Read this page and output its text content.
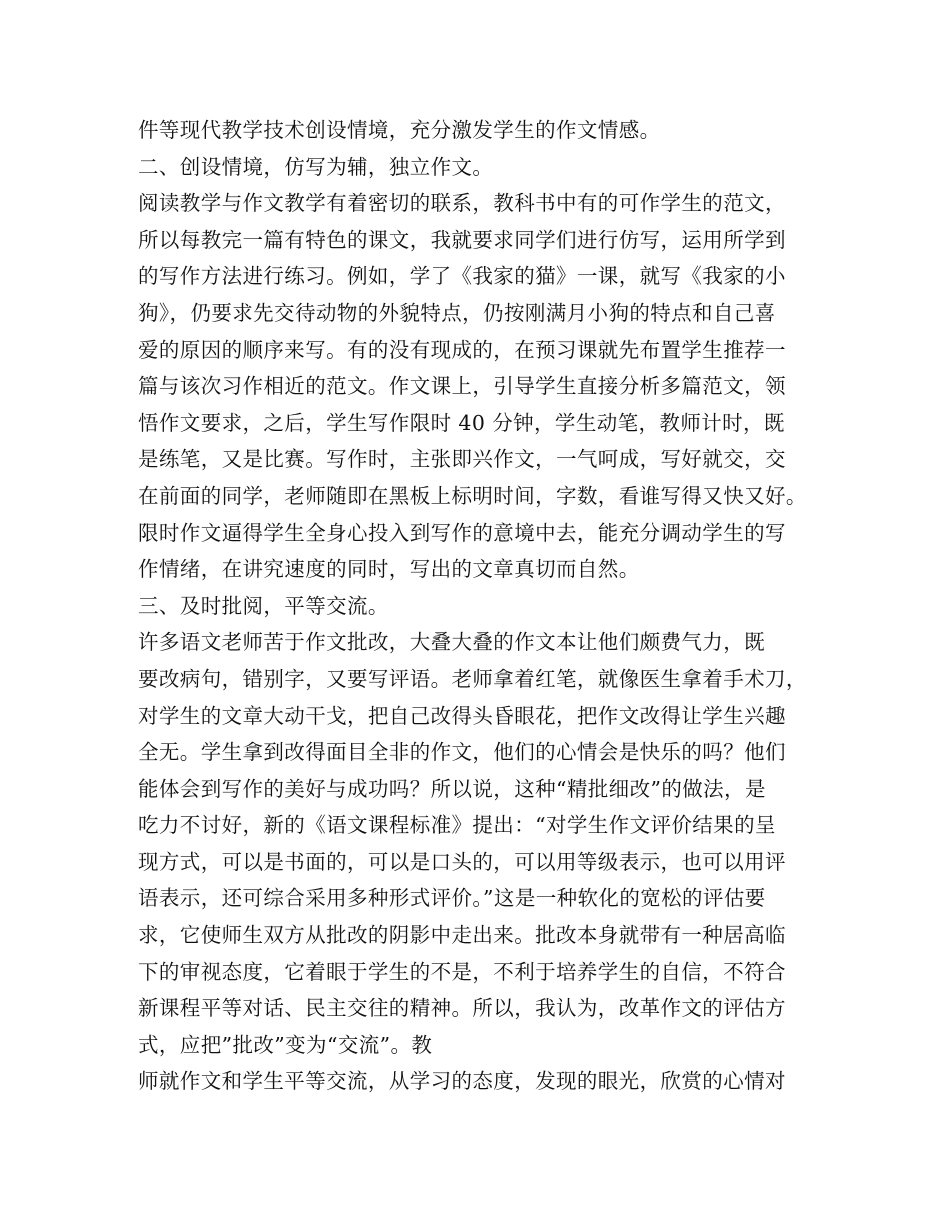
件等现代教学技术创设情境，充分激发学生的作文情感。
二、创设情境，仿写为辅，独立作文。
阅读教学与作文教学有着密切的联系，教科书中有的可作学生的范文，
所以每教完一篇有特色的课文，我就要求同学们进行仿写，运用所学到
的写作方法进行练习。例如，学了《我家的猫》一课，就写《我家的小
狗》，仍要求先交待动物的外貌特点，仍按刚满月小狗的特点和自己喜
爱的原因的顺序来写。有的没有现成的，在预习课就先布置学生推荐一
篇与该次习作相近的范文。作文课上，引导学生直接分析多篇范文，领
悟作文要求，之后，学生写作限时 40 分钟，学生动笔，教师计时，既
是练笔，又是比赛。写作时，主张即兴作文，一气呵成，写好就交，交
在前面的同学，老师随即在黑板上标明时间，字数，看谁写得又快又好。
限时作文逼得学生全身心投入到写作的意境中去，能充分调动学生的写
作情绪，在讲究速度的同时，写出的文章真切而自然。
三、及时批阅，平等交流。
许多语文老师苦于作文批改，大叠大叠的作文本让他们颇费气力，既
要改病句，错别字，又要写评语。老师拿着红笔，就像医生拿着手术刀，
对学生的文章大动干戈，把自己改得头昏眼花，把作文改得让学生兴趣
全无。学生拿到改得面目全非的作文，他们的心情会是快乐的吗？他们
能体会到写作的美好与成功吗？所以说，这种“精批细改”的做法，是
吃力不讨好，新的《语文课程标准》提出：“对学生作文评价结果的呈
现方式，可以是书面的，可以是口头的，可以用等级表示，也可以用评
语表示，还可综合采用多种形式评价。”这是一种软化的宽松的评估要
求，它使师生双方从批改的阴影中走出来。批改本身就带有一种居高临
下的审视态度，它着眼于学生的不是，不利于培养学生的自信，不符合
新课程平等对话、民主交往的精神。所以，我认为，改革作文的评估方
式，应把”批改”变为“交流”。教
师就作文和学生平等交流，从学习的态度，发现的眼光，欣赏的心情对
